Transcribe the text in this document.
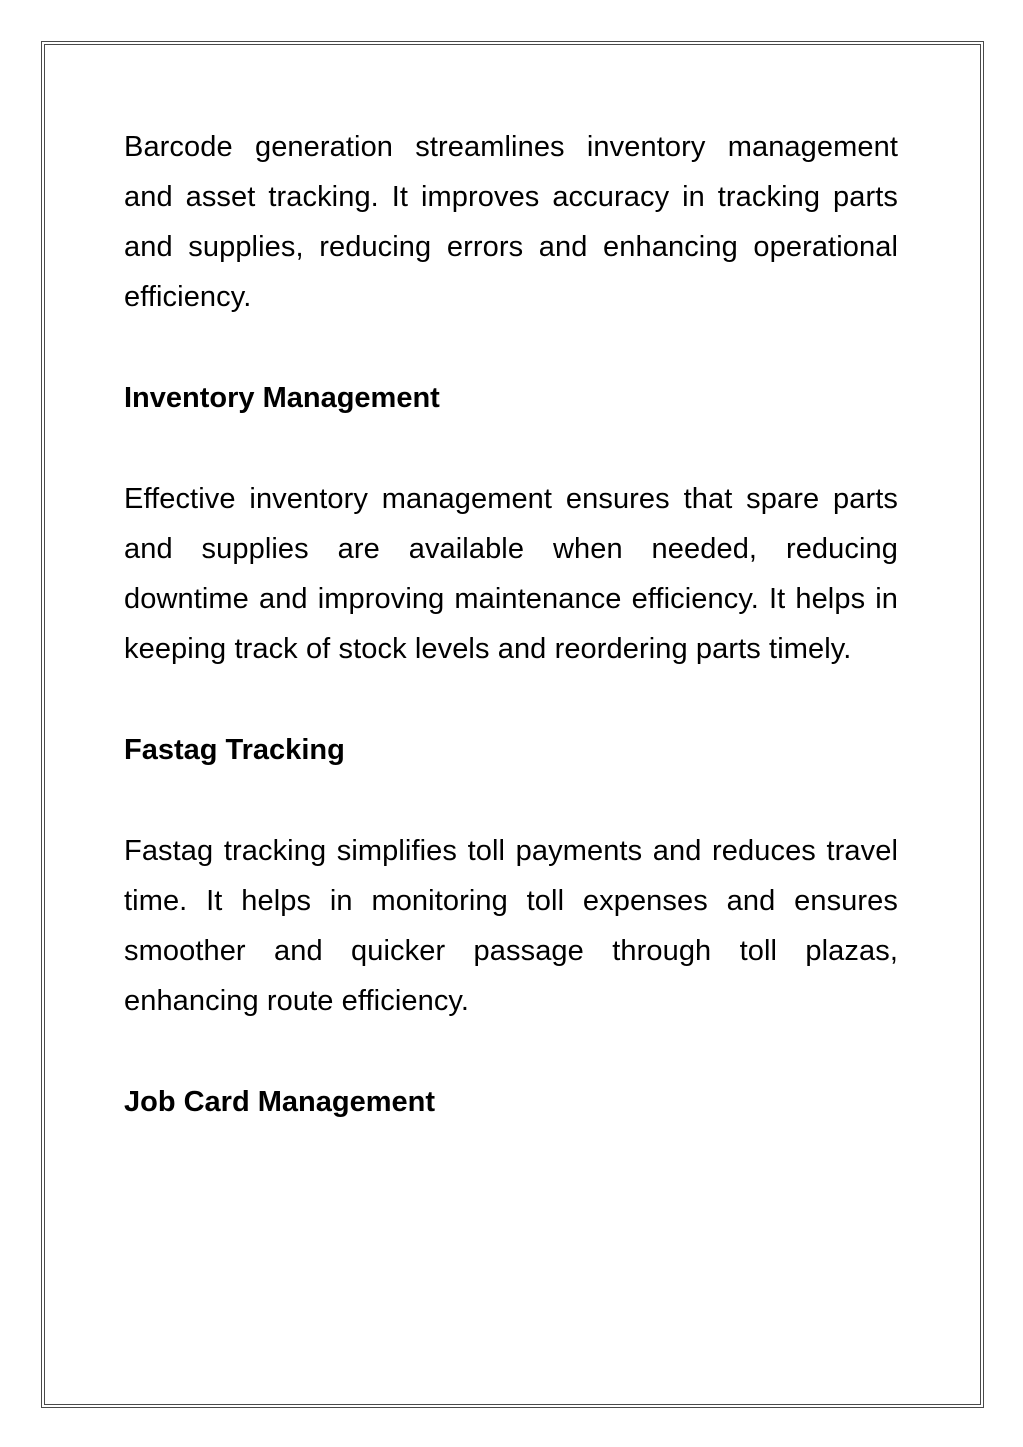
Barcode generation streamlines inventory management and asset tracking. It improves accuracy in tracking parts and supplies, reducing errors and enhancing operational efficiency.

Inventory Management

Effective inventory management ensures that spare parts and supplies are available when needed, reducing downtime and improving maintenance efficiency. It helps in keeping track of stock levels and reordering parts timely.

Fastag Tracking

Fastag tracking simplifies toll payments and reduces travel time. It helps in monitoring toll expenses and ensures smoother and quicker passage through toll plazas, enhancing route efficiency.

Job Card Management
